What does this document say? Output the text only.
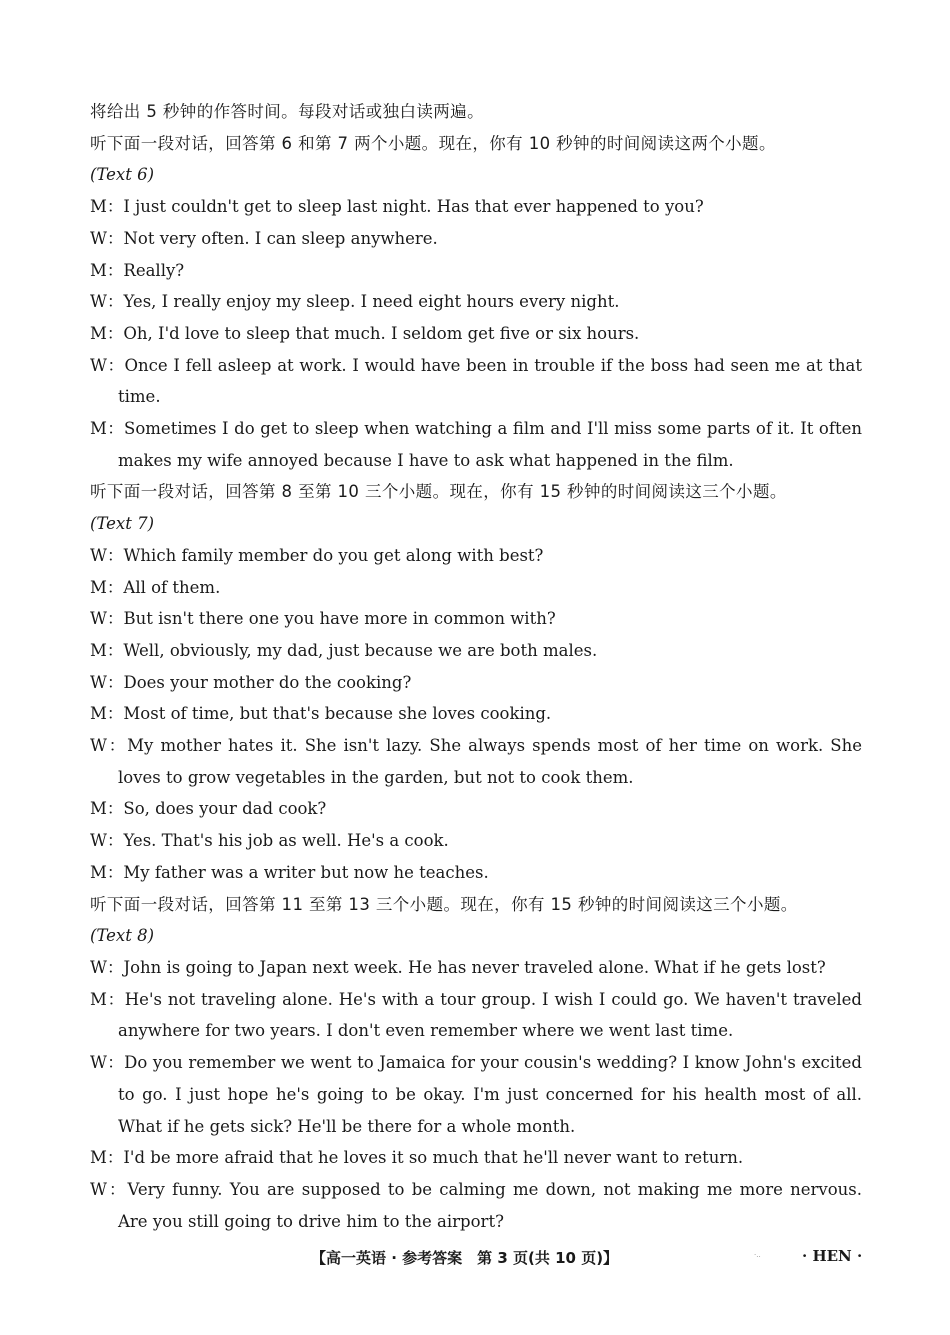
将给出 5 秒钟的作答时间。每段对话或独白读两遍。
听下面一段对话，回答第 6 和第 7 两个小题。现在，你有 10 秒钟的时间阅读这两个小题。
(Text 6)
M：I just couldn't get to sleep last night. Has that ever happened to you?
W：Not very often. I can sleep anywhere.
M：Really?
W：Yes, I really enjoy my sleep. I need eight hours every night.
M：Oh, I'd love to sleep that much. I seldom get five or six hours.
W：Once I fell asleep at work. I would have been in trouble if the boss had seen me at that time.
M：Sometimes I do get to sleep when watching a film and I'll miss some parts of it. It often makes my wife annoyed because I have to ask what happened in the film.
听下面一段对话，回答第 8 至第 10 三个小题。现在，你有 15 秒钟的时间阅读这三个小题。
(Text 7)
W：Which family member do you get along with best?
M：All of them.
W：But isn't there one you have more in common with?
M：Well, obviously, my dad, just because we are both males.
W：Does your mother do the cooking?
M：Most of time, but that's because she loves cooking.
W：My mother hates it. She isn't lazy. She always spends most of her time on work. She loves to grow vegetables in the garden, but not to cook them.
M：So, does your dad cook?
W：Yes. That's his job as well. He's a cook.
M：My father was a writer but now he teaches.
听下面一段对话，回答第 11 至第 13 三个小题。现在，你有 15 秒钟的时间阅读这三个小题。
(Text 8)
W：John is going to Japan next week. He has never traveled alone. What if he gets lost?
M：He's not traveling alone. He's with a tour group. I wish I could go. We haven't traveled anywhere for two years. I don't even remember where we went last time.
W：Do you remember we went to Jamaica for your cousin's wedding? I know John's excited to go. I just hope he's going to be okay. I'm just concerned for his health most of all. What if he gets sick? He'll be there for a whole month.
M：I'd be more afraid that he loves it so much that he'll never want to return.
W：Very funny. You are supposed to be calming me down, not making me more nervous. Are you still going to drive him to the airport?
【高一英语 · 参考答案　第 3 页(共 10 页)】	·..	· HEN ·
